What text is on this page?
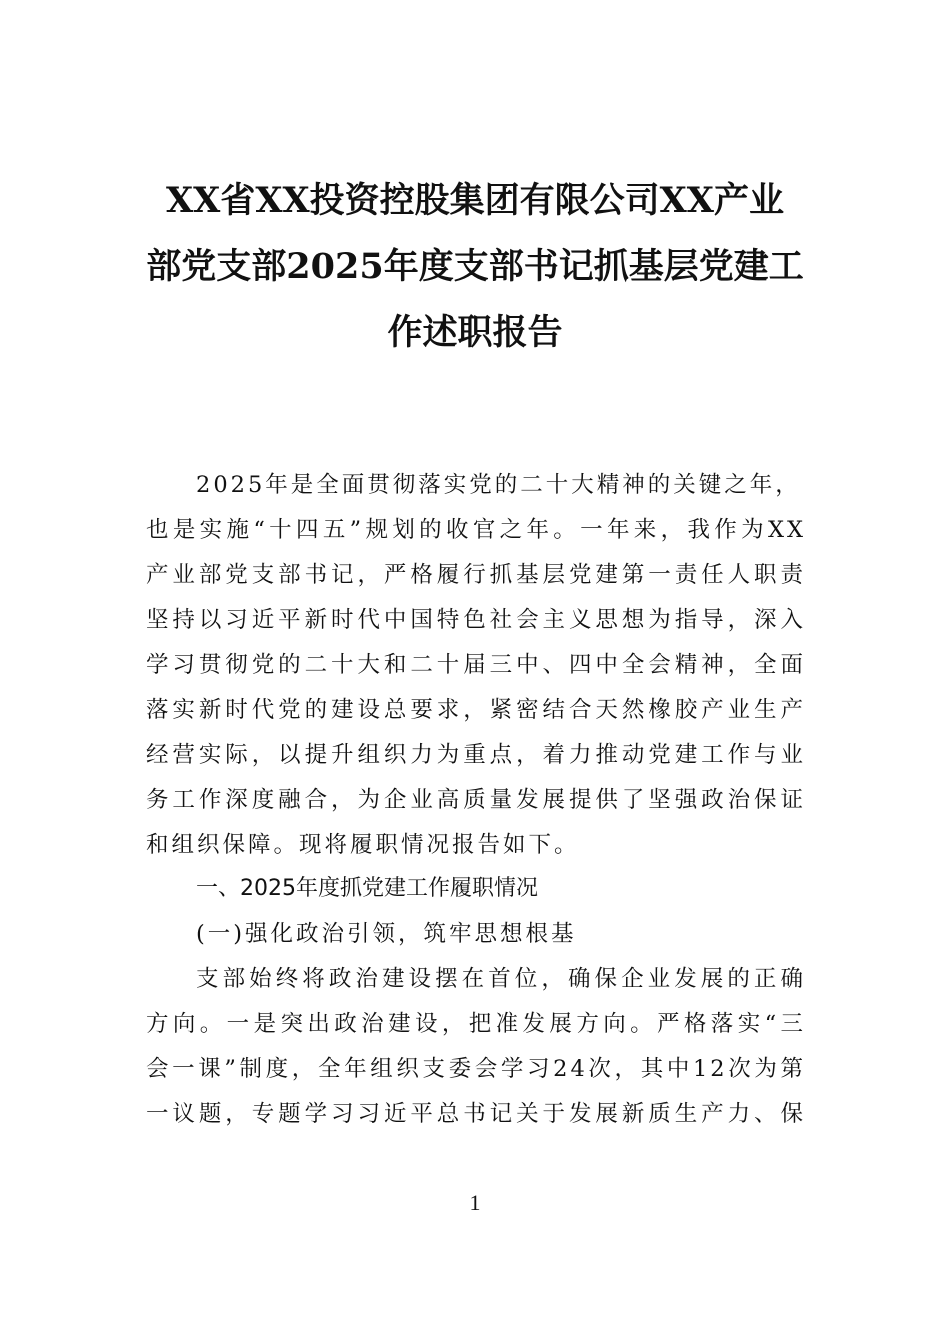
XX省XX投资控股集团有限公司XX产业
部党支部2025年度支部书记抓基层党建工
作述职报告
2025年是全面贯彻落实党的二十大精神的关键之年，
也是实施“十四五”规划的收官之年。一年来，我作为XX
产业部党支部书记，严格履行抓基层党建第一责任人职责
坚持以习近平新时代中国特色社会主义思想为指导，深入
学习贯彻党的二十大和二十届三中、四中全会精神，全面
落实新时代党的建设总要求，紧密结合天然橡胶产业生产
经营实际，以提升组织力为重点，着力推动党建工作与业
务工作深度融合，为企业高质量发展提供了坚强政治保证
和组织保障。现将履职情况报告如下。
一、2025年度抓党建工作履职情况
(一)强化政治引领，筑牢思想根基
支部始终将政治建设摆在首位，确保企业发展的正确
方向。一是突出政治建设，把准发展方向。严格落实“三
会一课”制度，全年组织支委会学习24次，其中12次为第
一议题，专题学习习近平总书记关于发展新质生产力、保
1
